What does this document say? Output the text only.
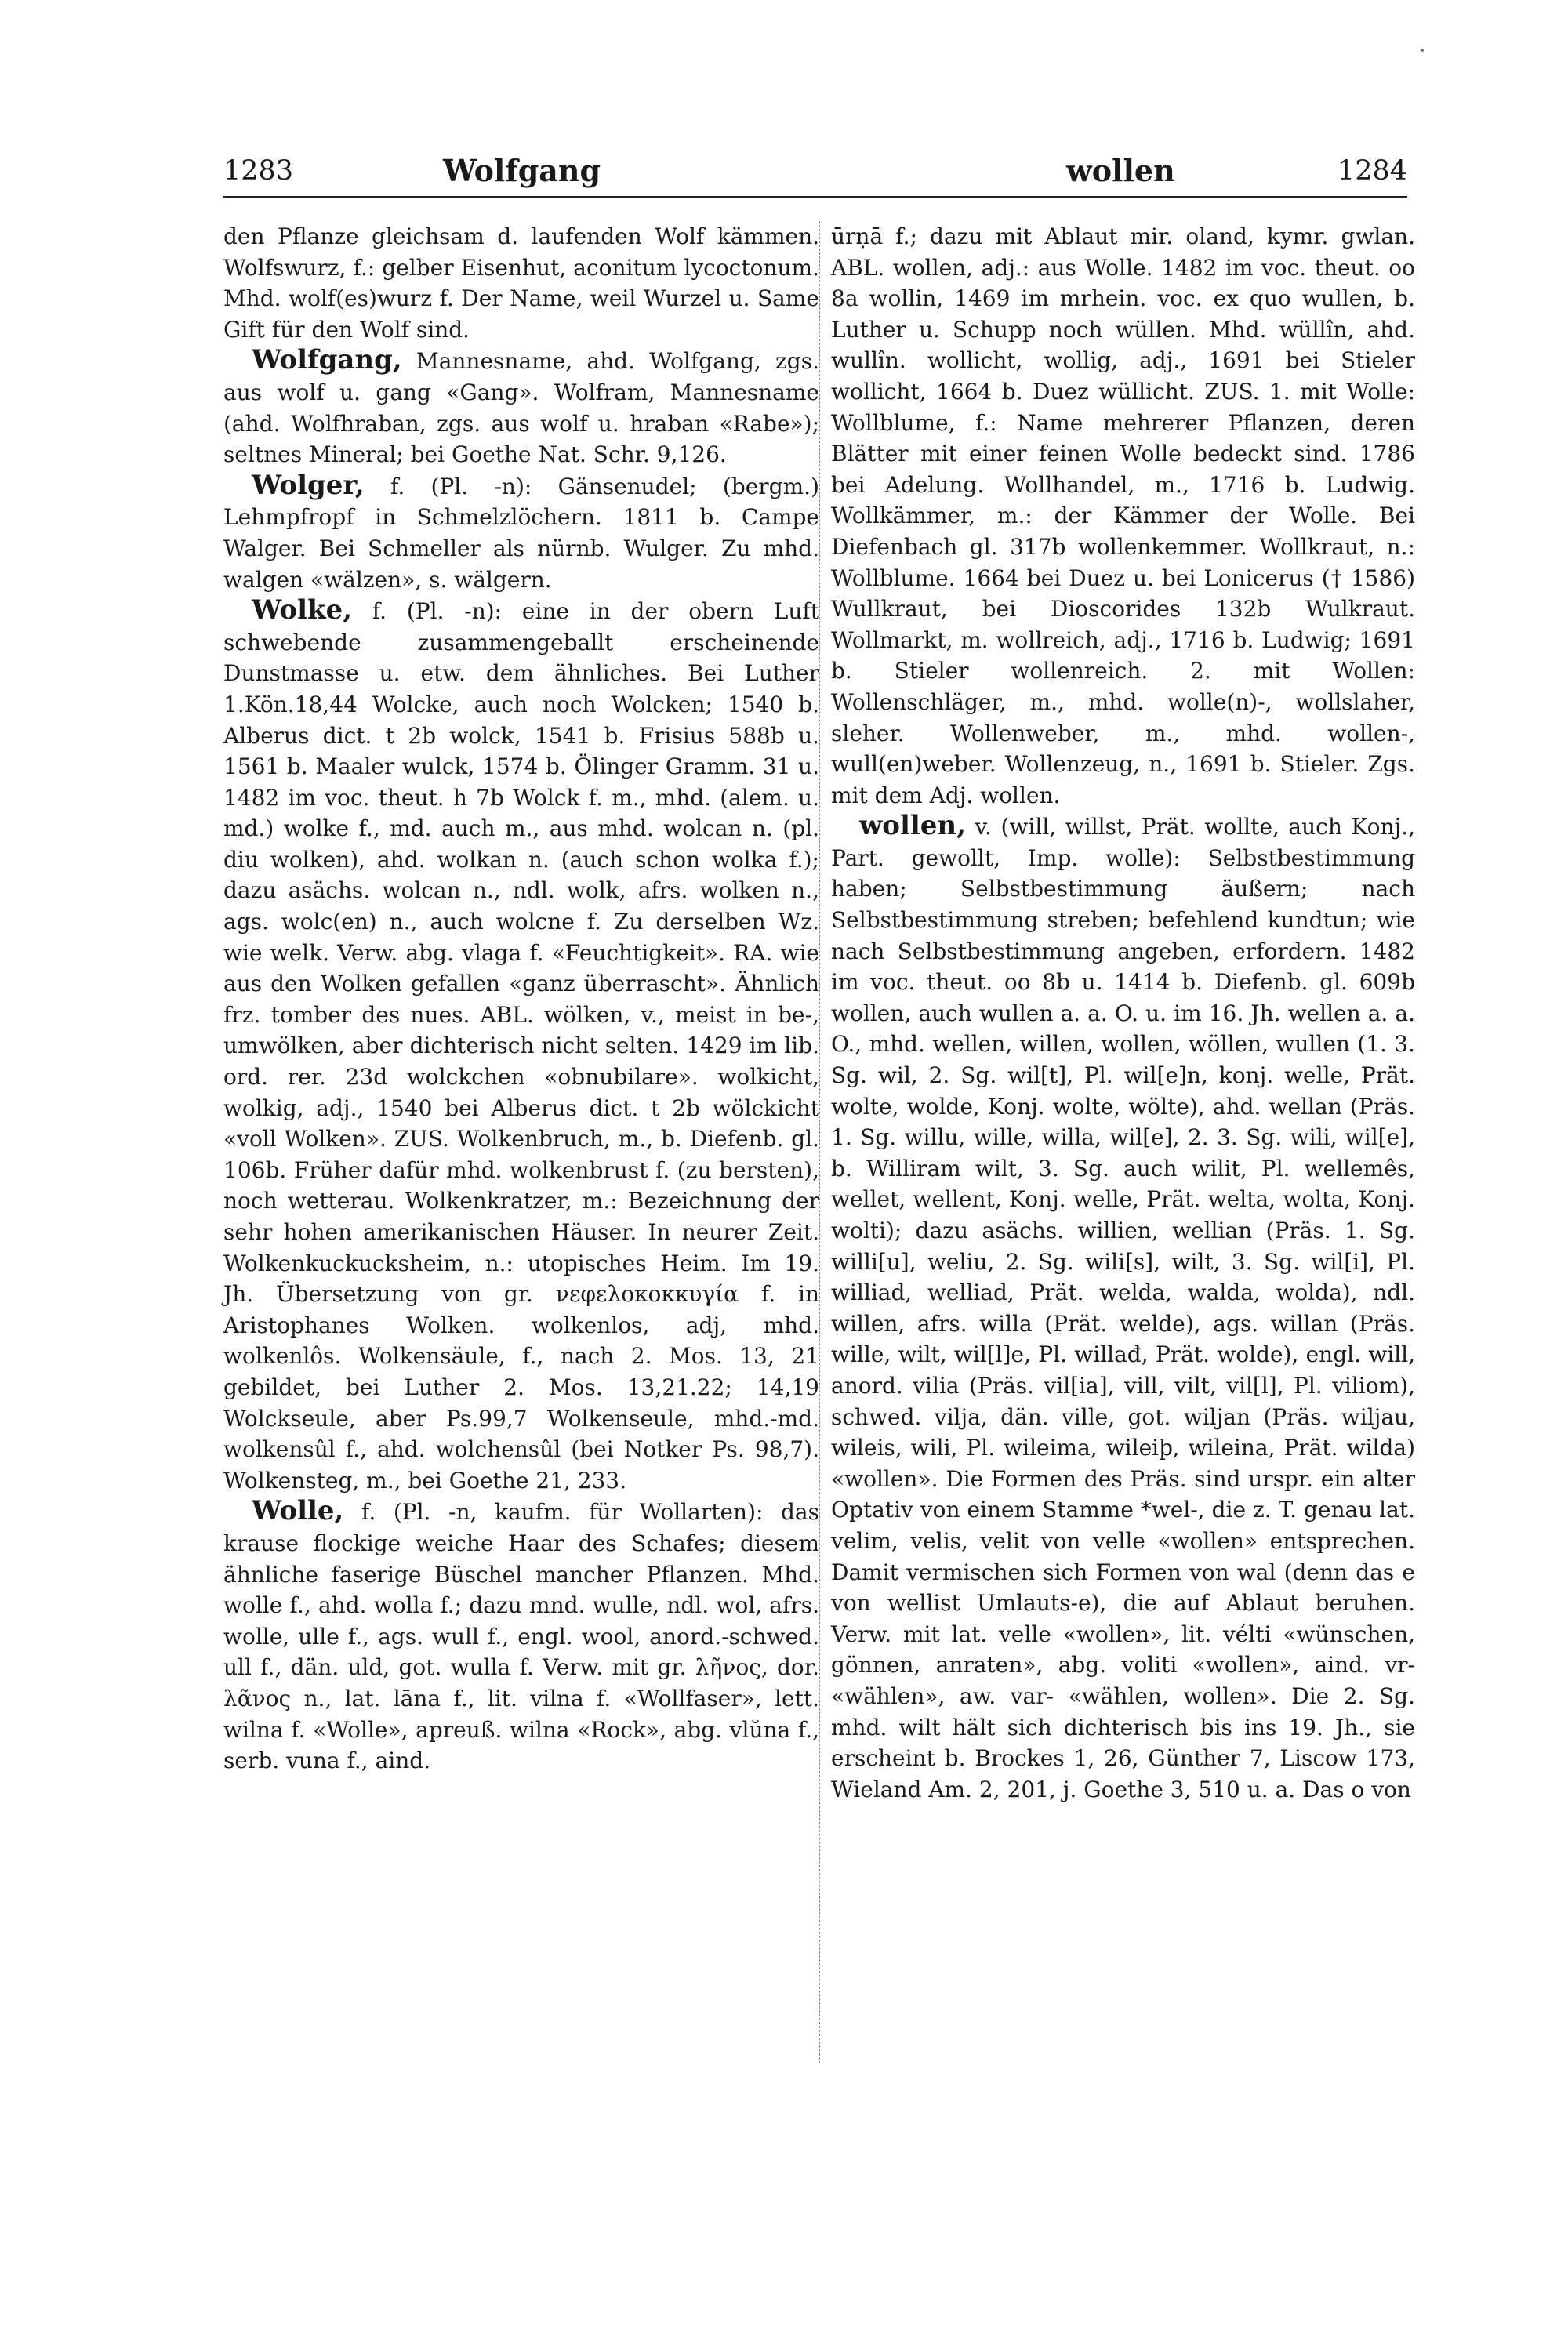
1283	Wolfgang	wollen	1284

den Pflanze gleichsam d. laufenden Wolf kämmen. Wolfswurz, f.: gelber Eisenhut, aconitum lycoctonum. Mhd. wolf(es)wurz f. Der Name, weil Wurzel u. Same Gift für den Wolf sind.

Wolfgang, Mannesname, ahd. Wolfgang, zgs. aus wolf u. gang «Gang». Wolfram, Mannesname (ahd. Wolfhraban, zgs. aus wolf u. hraban «Rabe»); seltnes Mineral; bei Goethe Nat. Schr. 9,126.

Wolger, f. (Pl. -n): Gänsenudel; (bergm.) Lehmpfropf in Schmelzlöchern. 1811 b. Campe Walger. Bei Schmeller als nürnb. Wulger. Zu mhd. walgen «wälzen», s. wälgern.

Wolke, f. (Pl. -n): eine in der obern Luft schwebende zusammengeballt erscheinende Dunstmasse u. etw. dem ähnliches. Bei Luther 1.Kön.18,44 Wolcke, auch noch Wolcken; 1540 b. Alberus dict. t 2b wolck, 1541 b. Frisius 588b u. 1561 b. Maaler wulck, 1574 b. Ölinger Gramm. 31 u. 1482 im voc. theut. h 7b Wolck f. m., mhd. (alem. u. md.) wolke f., md. auch m., aus mhd. wolcan n. (pl. diu wolken), ahd. wolkan n. (auch schon wolka f.); dazu asächs. wolcan n., ndl. wolk, afrs. wolken n., ags. wolc(en) n., auch wolcne f. Zu derselben Wz. wie welk. Verw. abg. vlaga f. «Feuchtigkeit». RA. wie aus den Wolken gefallen «ganz überrascht». Ähnlich frz. tomber des nues. ABL. wölken, v., meist in be-, umwölken, aber dichterisch nicht selten. 1429 im lib. ord. rer. 23d wolckchen «obnubilare». wolkicht, wolkig, adj., 1540 bei Alberus dict. t 2b wölckicht «voll Wolken». ZUS. Wolkenbruch, m., b. Diefenb. gl. 106b. Früher dafür mhd. wolkenbrust f. (zu bersten), noch wetterau. Wolkenkratzer, m.: Bezeichnung der sehr hohen amerikanischen Häuser. In neurer Zeit. Wolkenkuckucksheim, n.: utopisches Heim. Im 19. Jh. Übersetzung von gr. νεφελοκοκκυγία f. in Aristophanes Wolken. wolkenlos, adj, mhd. wolkenlôs. Wolkensäule, f., nach 2. Mos. 13, 21 gebildet, bei Luther 2. Mos. 13,21.22; 14,19 Wolckseule, aber Ps.99,7 Wolkenseule, mhd.-md. wolkensûl f., ahd. wolchensûl (bei Notker Ps. 98,7). Wolkensteg, m., bei Goethe 21, 233.

Wolle, f. (Pl. -n, kaufm. für Wollarten): das krause flockige weiche Haar des Schafes; diesem ähnliche faserige Büschel mancher Pflanzen. Mhd. wolle f., ahd. wolla f.; dazu mnd. wulle, ndl. wol, afrs. wolle, ulle f., ags. wull f., engl. wool, anord.-schwed. ull f., dän. uld, got. wulla f. Verw. mit gr. λῆνος, dor. λᾶνος n., lat. lāna f., lit. vilna f. «Wollfaser», lett. wilna f. «Wolle», apreuß. wilna «Rock», abg. vlŭna f., serb. vuna f., aind.

ūrṇā f.; dazu mit Ablaut mir. oland, kymr. gwlan. ABL. wollen, adj.: aus Wolle. 1482 im voc. theut. oo 8a wollin, 1469 im mrhein. voc. ex quo wullen, b. Luther u. Schupp noch wüllen. Mhd. wüllîn, ahd. wullîn. wollicht, wollig, adj., 1691 bei Stieler wollicht, 1664 b. Duez wüllicht. ZUS. 1. mit Wolle: Wollblume, f.: Name mehrerer Pflanzen, deren Blätter mit einer feinen Wolle bedeckt sind. 1786 bei Adelung. Wollhandel, m., 1716 b. Ludwig. Wollkämmer, m.: der Kämmer der Wolle. Bei Diefenbach gl. 317b wollenkemmer. Wollkraut, n.: Wollblume. 1664 bei Duez u. bei Lonicerus († 1586) Wullkraut, bei Dioscorides 132b Wulkraut. Wollmarkt, m. wollreich, adj., 1716 b. Ludwig; 1691 b. Stieler wollenreich. 2. mit Wollen: Wollenschläger, m., mhd. wolle(n)-, wollslaher, sleher. Wollenweber, m., mhd. wollen-, wull(en)weber. Wollenzeug, n., 1691 b. Stieler. Zgs. mit dem Adj. wollen.

wollen, v. (will, willst, Prät. wollte, auch Konj., Part. gewollt, Imp. wolle): Selbstbestimmung haben; Selbstbestimmung äußern; nach Selbstbestimmung streben; befehlend kundtun; wie nach Selbstbestimmung angeben, erfordern. 1482 im voc. theut. oo 8b u. 1414 b. Diefenb. gl. 609b wollen, auch wullen a. a. O. u. im 16. Jh. wellen a. a. O., mhd. wellen, willen, wollen, wöllen, wullen (1. 3. Sg. wil, 2. Sg. wil[t], Pl. wil[e]n, konj. welle, Prät. wolte, wolde, Konj. wolte, wölte), ahd. wellan (Präs. 1. Sg. willu, wille, willa, wil[e], 2. 3. Sg. wili, wil[e], b. Williram wilt, 3. Sg. auch wilit, Pl. wellemês, wellet, wellent, Konj. welle, Prät. welta, wolta, Konj. wolti); dazu asächs. willien, wellian (Präs. 1. Sg. willi[u], weliu, 2. Sg. wili[s], wilt, 3. Sg. wil[i], Pl. williad, welliad, Prät. welda, walda, wolda), ndl. willen, afrs. willa (Prät. welde), ags. willan (Präs. wille, wilt, wil[l]e, Pl. willađ, Prät. wolde), engl. will, anord. vilia (Präs. vil[ia], vill, vilt, vil[l], Pl. viliom), schwed. vilja, dän. ville, got. wiljan (Präs. wiljau, wileis, wili, Pl. wileima, wileiþ, wileina, Prät. wilda) «wollen». Die Formen des Präs. sind urspr. ein alter Optativ von einem Stamme *wel-, die z. T. genau lat. velim, velis, velit von velle «wollen» entsprechen. Damit vermischen sich Formen von wal (denn das e von wellist Umlauts-e), die auf Ablaut beruhen. Verw. mit lat. velle «wollen», lit. vélti «wünschen, gönnen, anraten», abg. voliti «wollen», aind. vr- «wählen», aw. var- «wählen, wollen». Die 2. Sg. mhd. wilt hält sich dichterisch bis ins 19. Jh., sie erscheint b. Brockes 1, 26, Günther 7, Liscow 173, Wieland Am. 2, 201, j. Goethe 3, 510 u. a. Das o von
